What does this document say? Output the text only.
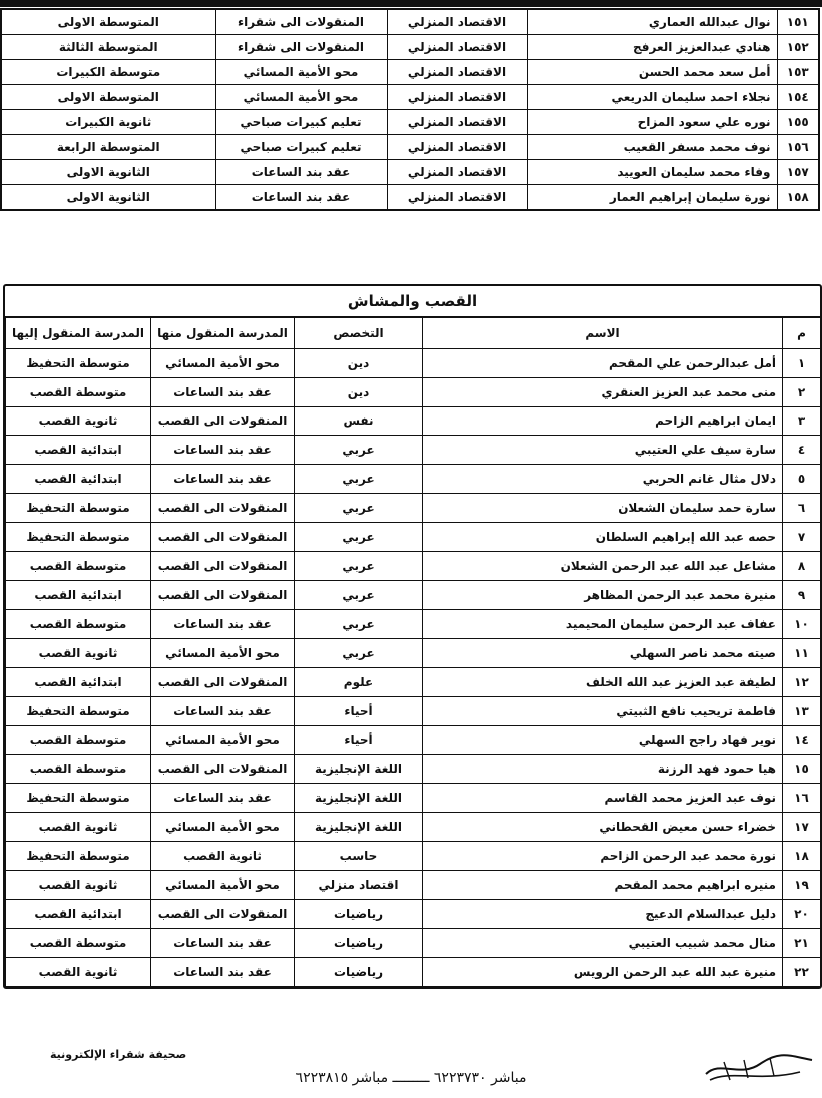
١٥١	نوال عبدالله العماري	الاقتصاد المنزلي	المنقولات الى شقراء	المتوسطة الاولى
١٥٢	هنادي عبدالعزيز العرفج	الاقتصاد المنزلي	المنقولات الى شقراء	المتوسطة الثالثة
١٥٣	أمل سعد محمد الحسن	الاقتصاد المنزلي	محو الأمية المسائي	متوسطة الكبيرات
١٥٤	نجلاء احمد سليمان الدريعي	الاقتصاد المنزلي	محو الأمية المسائي	المتوسطة الاولى
١٥٥	نوره علي سعود المزاح	الاقتصاد المنزلي	تعليم كبيرات صباحي	ثانوية الكبيرات
١٥٦	نوف محمد مسفر القعيب	الاقتصاد المنزلي	تعليم كبيرات صباحي	المتوسطة الرابعة
١٥٧	وفاء محمد سليمان العوييد	الاقتصاد المنزلي	عقد بند الساعات	الثانوية الاولى
١٥٨	نورة سليمان إبراهيم العمار	الاقتصاد المنزلي	عقد بند الساعات	الثانوية الاولى
القصب والمشاش
م	الاسم	التخصص	المدرسة المنقول منها	المدرسة المنقول إليها
١	أمل عبدالرحمن علي المقحم	دين	محو الأمية المسائي	متوسطة التحفيظ
٢	منى محمد عبد العزيز العنقري	دين	عقد بند الساعات	متوسطة القصب
٣	ايمان ابراهيم الزاحم	نفس	المنقولات الى القصب	ثانوية القصب
٤	سارة سيف علي العتيبي	عربي	عقد بند الساعات	ابتدائية القصب
٥	دلال مثال غانم الحربي	عربي	عقد بند الساعات	ابتدائية القصب
٦	سارة حمد سليمان الشعلان	عربي	المنقولات الى القصب	متوسطة التحفيظ
٧	حصه عبد الله إبراهيم السلطان	عربي	المنقولات الى القصب	متوسطة التحفيظ
٨	مشاعل عبد الله عبد الرحمن الشعلان	عربي	المنقولات الى القصب	متوسطة القصب
٩	منيرة محمد عبد الرحمن المظاهر	عربي	المنقولات الى القصب	ابتدائية القصب
١٠	عفاف عبد الرحمن سليمان المحيميد	عربي	عقد بند الساعات	متوسطة القصب
١١	صيته محمد ناصر السهلي	عربي	محو الأمية المسائي	ثانوية القصب
١٢	لطيفة عبد العزيز عبد الله الخلف	علوم	المنقولات الى القصب	ابتدائية القصب
١٣	فاطمة تريحيب نافع الثبيتي	أحياء	عقد بند الساعات	متوسطة التحفيظ
١٤	نوير فهاد راجح السهلي	أحياء	محو الأمية المسائي	متوسطة القصب
١٥	هيا حمود فهد الرزنة	اللغة الإنجليزية	المنقولات الى القصب	متوسطة القصب
١٦	نوف عبد العزيز محمد القاسم	اللغة الإنجليزية	عقد بند الساعات	متوسطة التحفيظ
١٧	خضراء حسن معيض القحطاني	اللغة الإنجليزية	محو الأمية المسائي	ثانوية القصب
١٨	نورة محمد عبد الرحمن الزاحم	حاسب	ثانوية القصب	متوسطة التحفيظ
١٩	منيره ابراهيم محمد المقحم	اقتصاد منزلي	محو الأمية المسائي	ثانوية القصب
٢٠	دليل عبدالسلام الدعيج	رياضيات	المنقولات الى القصب	ابتدائية القصب
٢١	منال محمد شبيب العتيبي	رياضيات	عقد بند الساعات	متوسطة القصب
٢٢	منيرة عبد الله عبد الرحمن الرويس	رياضيات	عقد بند الساعات	ثانوية القصب
صحيفة شقراء الإلكترونية
مباشر ٦٢٢٣٧٣٠ ـــــــــ مباشر ٦٢٢٣٨١٥
